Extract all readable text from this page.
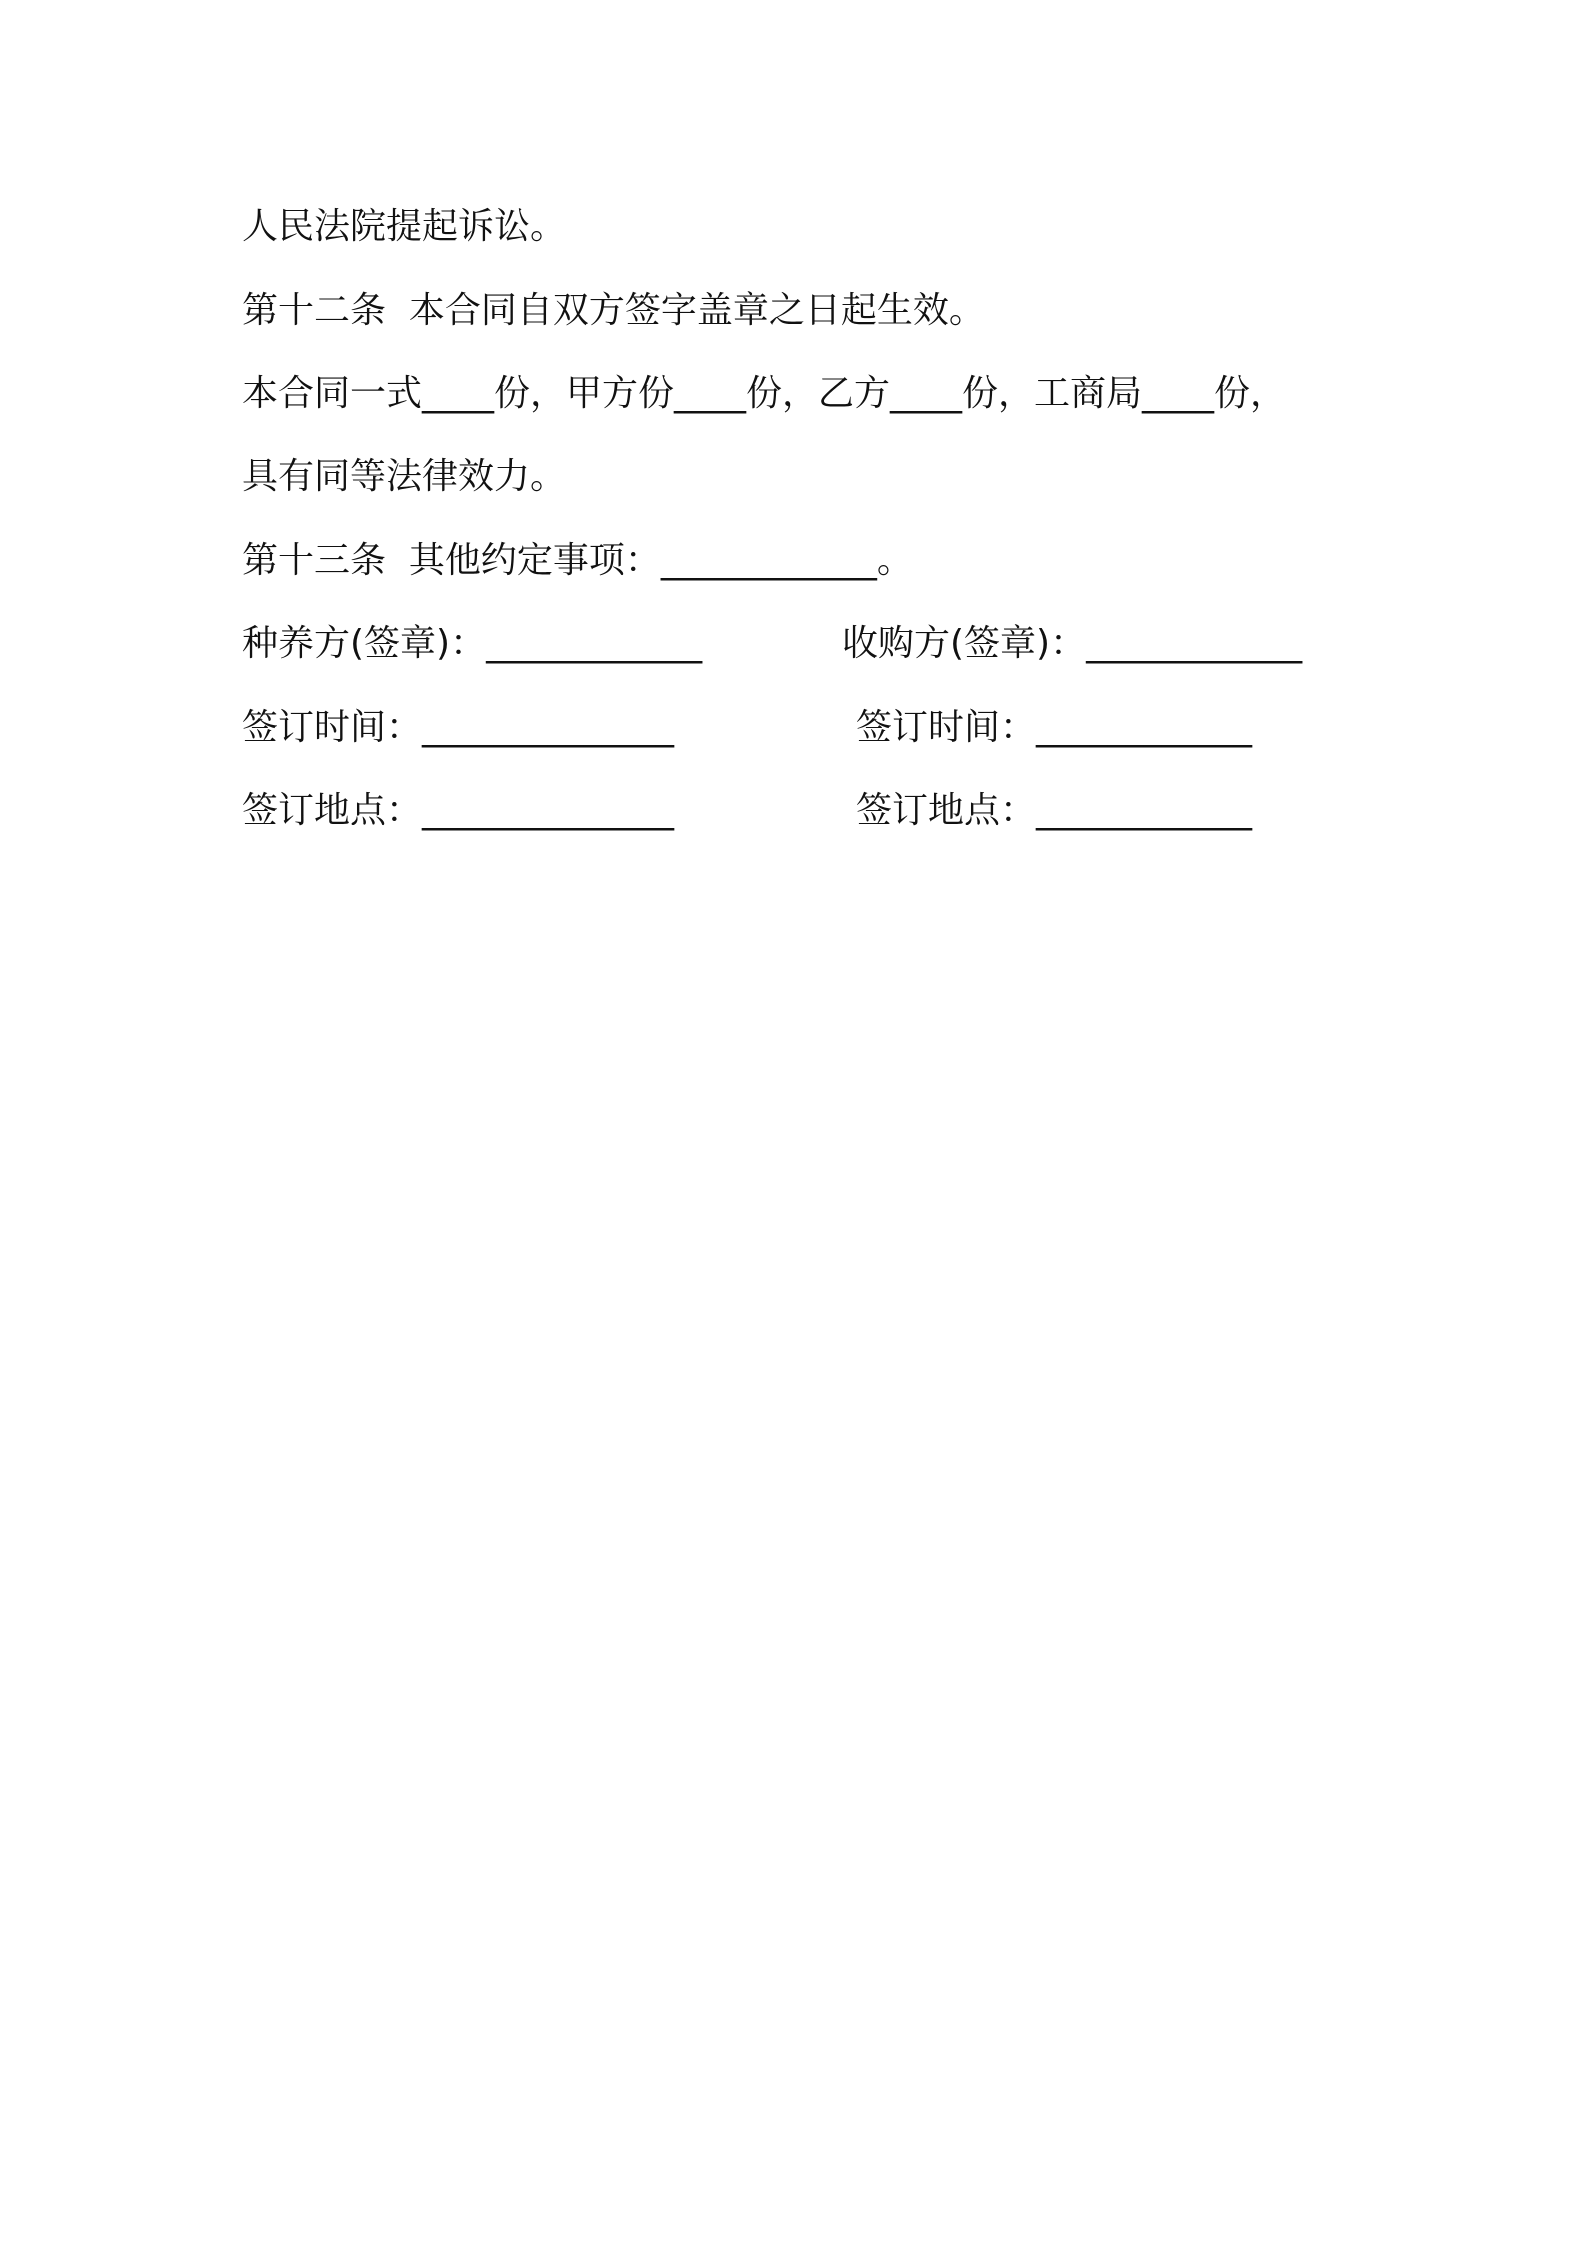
人民法院提起诉讼。
第十二条  本合同自双方签字盖章之日起生效。
本合同一式____份，甲方份____份，乙方____份，工商局____份，
具有同等法律效力。
第十三条  其他约定事项：____________。
种养方(签章)：____________	收购方(签章)：____________
签订时间：______________	签订时间：____________
签订地点：______________	签订地点：____________
